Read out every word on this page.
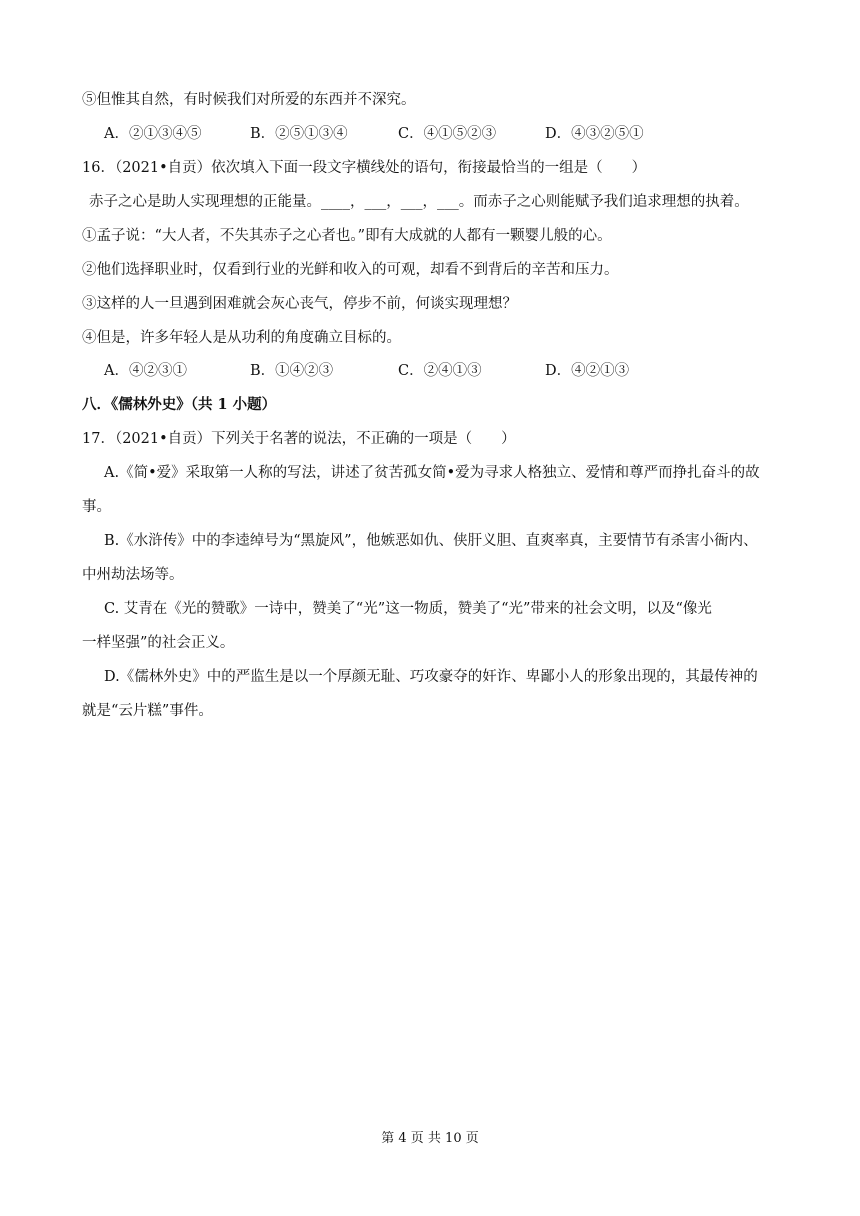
⑤但惟其自然，有时候我们对所爱的东西并不深究。
A．②①③④⑤	B．②⑤①③④	C．④①⑤②③	D．④③②⑤①
16．（2021•自贡）依次填入下面一段文字横线处的语句，衔接最恰当的一组是（　　）
赤子之心是助人实现理想的正能量。____，___，___，___。而赤子之心则能赋予我们追求理想的执着。
①孟子说：“大人者，不失其赤子之心者也。”即有大成就的人都有一颗婴儿般的心。
②他们选择职业时，仅看到行业的光鲜和收入的可观，却看不到背后的辛苦和压力。
③这样的人一旦遇到困难就会灰心丧气，停步不前，何谈实现理想？
④但是，许多年轻人是从功利的角度确立目标的。
A．④②③①	B．①④②③	C．②④①③	D．④②①③
八．《儒林外史》（共 1 小题）
17．（2021•自贡）下列关于名著的说法，不正确的一项是（　　）
A.《简•爱》采取第一人称的写法，讲述了贫苦孤女简•爱为寻求人格独立、爱情和尊严而挣扎奋斗的故
事。
B.《水浒传》中的李逵绰号为“黑旋风”，他嫉恶如仇、侠肝义胆、直爽率真，主要情节有杀害小衙内、
中州劫法场等。
C. 艾青在《光的赞歌》一诗中，赞美了“光”这一物质，赞美了“光”带来的社会文明，以及“像光
一样坚强”的社会正义。
D.《儒林外史》中的严监生是以一个厚颜无耻、巧攻豪夺的奸诈、卑鄙小人的形象出现的，其最传神的
就是“云片糕”事件。
第 4 页 共 10 页
